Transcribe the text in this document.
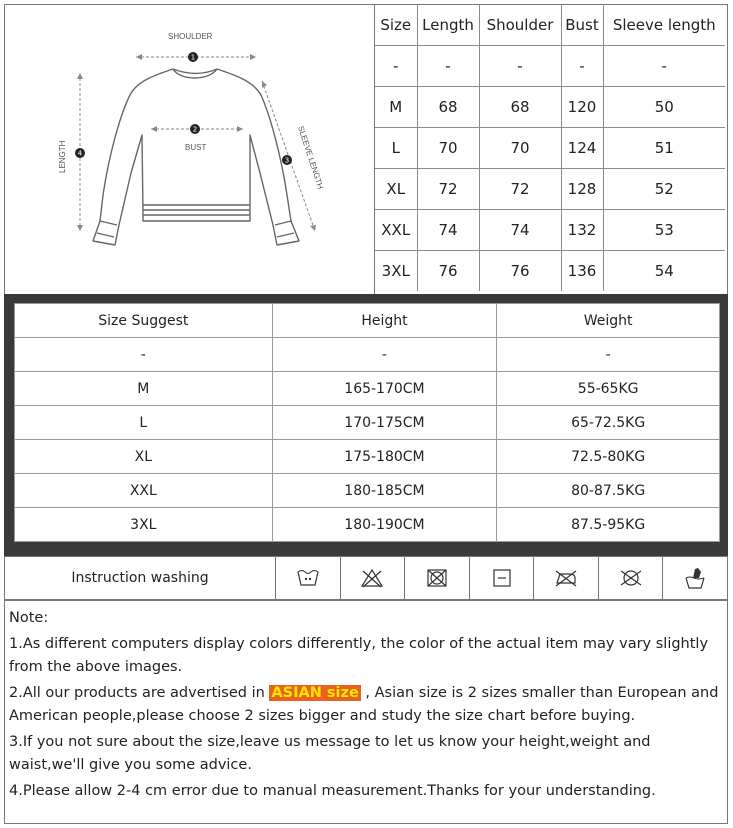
1
2
3
4
SHOULDER
BUST
LENGTH	SLEEVE LENGTH
Size	Length	Shoulder	Bust	Sleeve length
-	-	-	-	-
M	68	68	120	50
L	70	70	124	51
XL	72	72	128	52
XXL	74	74	132	53
3XL	76	76	136	54
Size Suggest	Height	Weight
-	-	-
M	165-170CM	55-65KG
L	170-175CM	65-72.5KG
XL	175-180CM	72.5-80KG
XXL	180-185CM	80-87.5KG
3XL	180-190CM	87.5-95KG
Instruction washing

Note:

1.As different computers display colors differently, the color of the actual item may vary slightly from the above images.

2.All our products are advertised in ASIAN size , Asian size is 2 sizes smaller than European and

American people,please choose 2 sizes bigger and study the size chart before buying.

3.If you not sure about the size,leave us message to let us know your height,weight and waist,we'll give you some advice.

4.Please allow 2-4 cm error due to manual measurement.Thanks for your understanding.
